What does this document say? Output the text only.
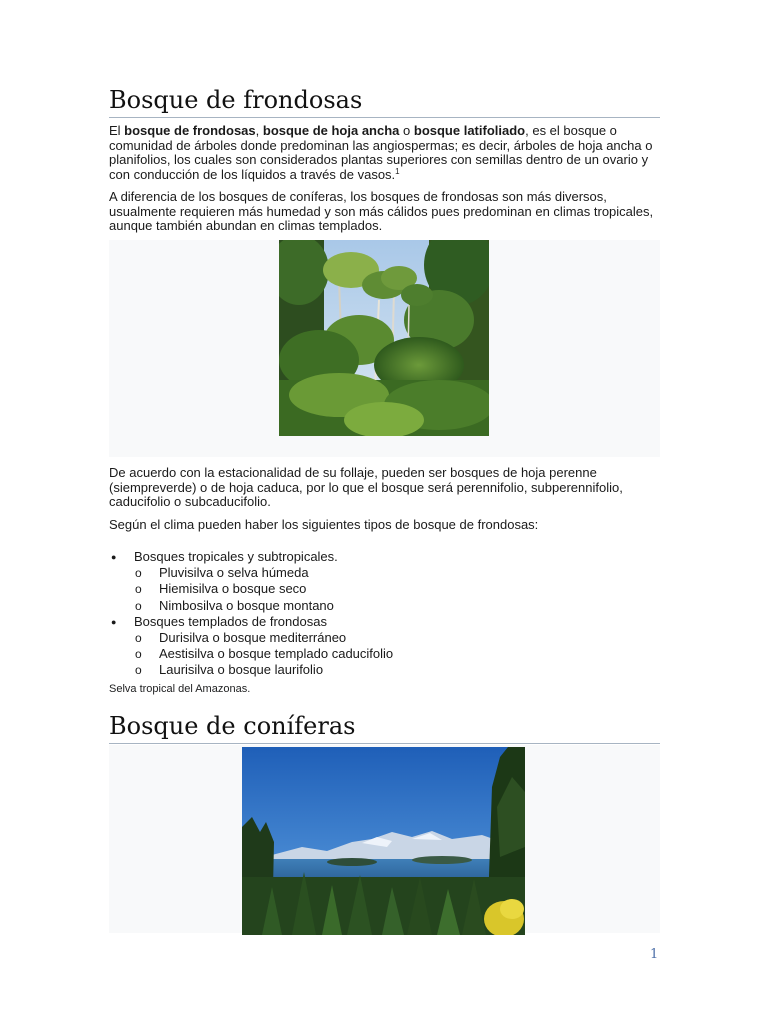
Bosque de frondosas

El bosque de frondosas, bosque de hoja ancha o bosque latifoliado, es el bosque o comunidad de árboles donde predominan las angiospermas; es decir, árboles de hoja ancha o planifolios, los cuales son considerados plantas superiores con semillas dentro de un ovario y con conducción de los líquidos a través de vasos.$^1$

A diferencia de los bosques de coníferas, los bosques de frondosas son más diversos, usualmente requieren más humedad y son más cálidos pues predominan en climas tropicales, aunque también abundan en climas templados.

Selva tropical del Amazonas.

De acuerdo con la estacionalidad de su follaje, pueden ser bosques de hoja perenne (siempreverde) o de hoja caduca, por lo que el bosque será perennifolio, subperennifolio, caducifolio o subcaducifolio.

Según el clima pueden haber los siguientes tipos de bosque de frondosas:

● Bosques tropicales y subtropicales.
o Pluvisilva o selva húmeda
o Hiemisilva o bosque seco
o Nimbosilva o bosque montano
● Bosques templados de frondosas
o Durisilva o bosque mediterráneo
o Aestisilva o bosque templado caducifolio
o Laurisilva o bosque laurifolio
Bosque de coníferas
1
